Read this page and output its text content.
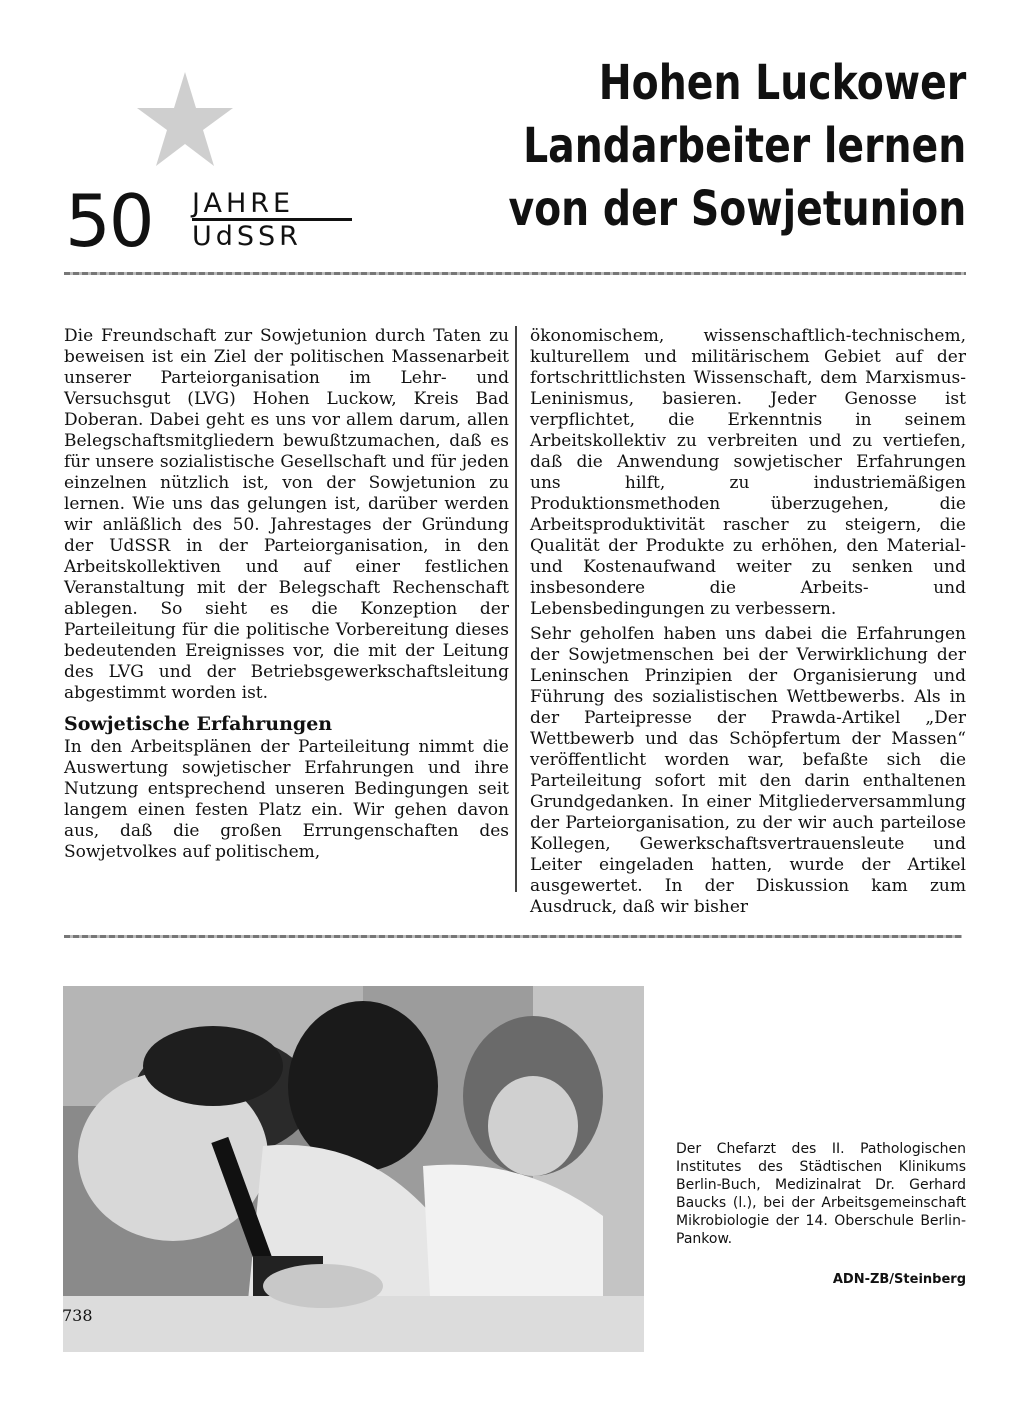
50 JAHRE
UdSSR
Hohen Luckower
Landarbeiter lernen
von der Sowjetunion

Die Freundschaft zur Sowjetunion durch Taten zu beweisen ist ein Ziel der politischen Massenarbeit unserer Parteiorganisation im Lehr- und Versuchsgut (LVG) Hohen Luckow, Kreis Bad Doberan. Dabei geht es uns vor allem darum, allen Belegschaftsmitgliedern bewußtzumachen, daß es für unsere sozialistische Gesellschaft und für jeden einzelnen nützlich ist, von der Sowjetunion zu lernen. Wie uns das gelungen ist, darüber werden wir anläßlich des 50. Jahrestages der Gründung der UdSSR in der Parteiorganisation, in den Arbeitskollektiven und auf einer festlichen Veranstaltung mit der Belegschaft Rechenschaft ablegen. So sieht es die Konzeption der Parteileitung für die politische Vorbereitung dieses bedeutenden Ereignisses vor, die mit der Leitung des LVG und der Betriebsgewerkschaftsleitung abgestimmt worden ist.

Sowjetische Erfahrungen

In den Arbeitsplänen der Parteileitung nimmt die Auswertung sowjetischer Erfahrungen und ihre Nutzung entsprechend unseren Bedingungen seit langem einen festen Platz ein. Wir gehen davon aus, daß die großen Errungenschaften des Sowjetvolkes auf politischem,

ökonomischem, wissenschaftlich-technischem, kulturellem und militärischem Gebiet auf der fortschrittlichsten Wissenschaft, dem Marxismus-Leninismus, basieren. Jeder Genosse ist verpflichtet, die Erkenntnis in seinem Arbeitskollektiv zu verbreiten und zu vertiefen, daß die Anwendung sowjetischer Erfahrungen uns hilft, zu industriemäßigen Produktionsmethoden überzugehen, die Arbeitsproduktivität rascher zu steigern, die Qualität der Produkte zu erhöhen, den Material- und Kostenaufwand weiter zu senken und insbesondere die Arbeits- und Lebensbedingungen zu verbessern.

Sehr geholfen haben uns dabei die Erfahrungen der Sowjetmenschen bei der Verwirklichung der Leninschen Prinzipien der Organisierung und Führung des sozialistischen Wettbewerbs. Als in der Parteipresse der Prawda-Artikel „Der Wettbewerb und das Schöpfertum der Massen“ veröffentlicht worden war, befaßte sich die Parteileitung sofort mit den darin enthaltenen Grundgedanken. In einer Mitgliederversammlung der Parteiorganisation, zu der wir auch parteilose Kollegen, Gewerkschaftsvertrauensleute und Leiter eingeladen hatten, wurde der Artikel ausgewertet. In der Diskussion kam zum Ausdruck, daß wir bisher

Der Chefarzt des II. Pathologischen Institutes des Städtischen Klinikums Berlin-Buch, Medizinalrat Dr. Gerhard Baucks (l.), bei der Arbeitsgemeinschaft Mikrobiologie der 14. Oberschule Berlin-Pankow.
ADN-ZB/Steinberg
738
